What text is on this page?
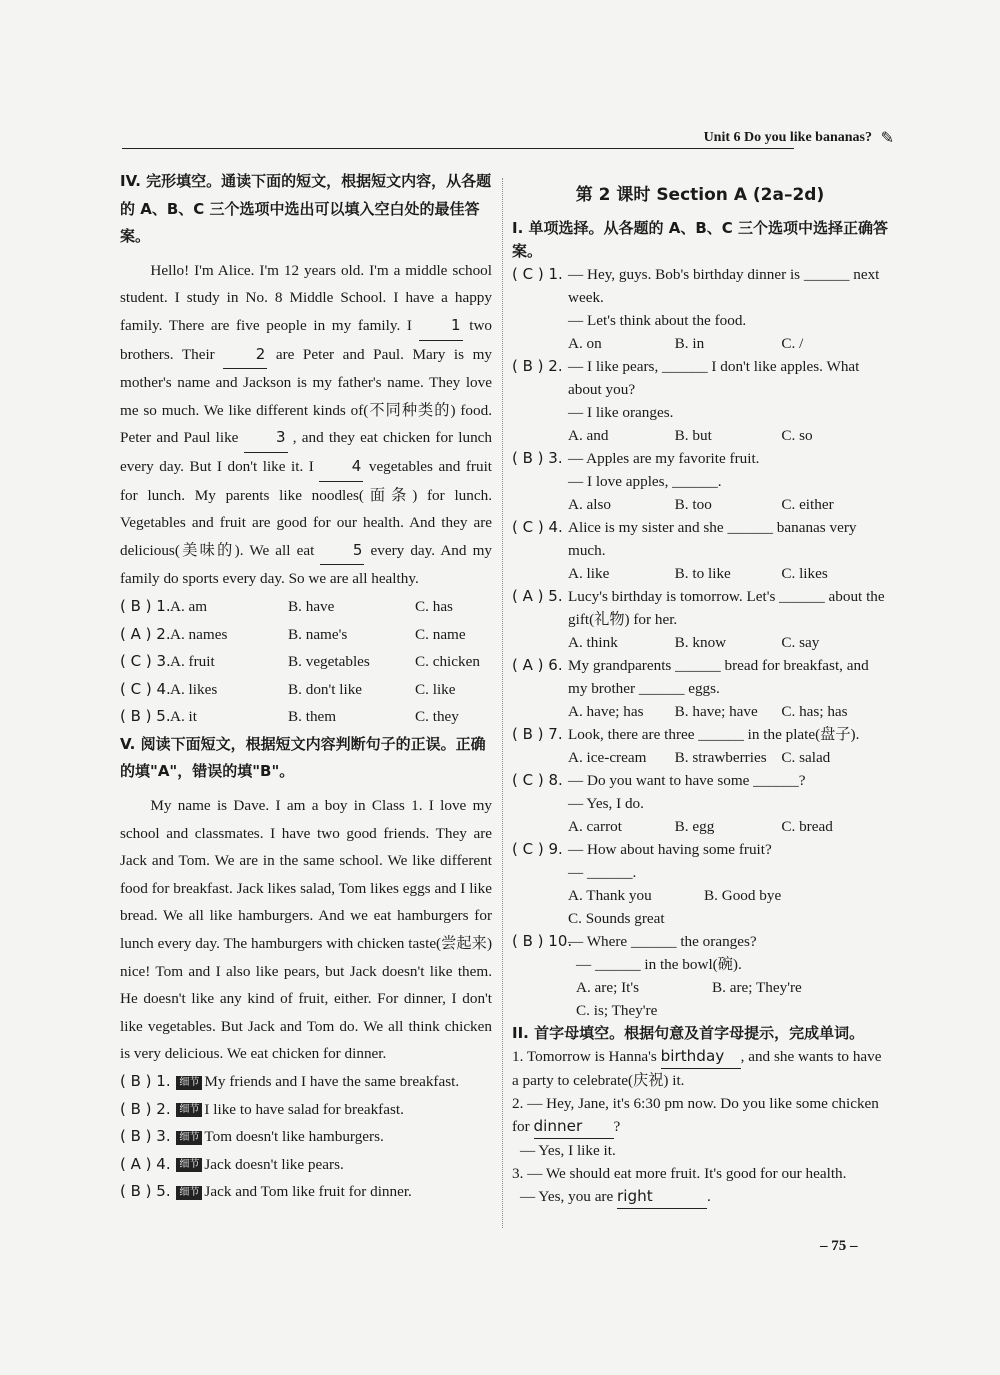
Unit 6 Do you like bananas? ✎
IV. 完形填空。通读下面的短文，根据短文内容，从各题的 A、B、C 三个选项中选出可以填入空白处的最佳答案。
Hello! I'm Alice. I'm 12 years old. I'm a middle school student. I study in No. 8 Middle School. I have a happy family. There are five people in my family. I	1 two brothers. Their	2 are Peter and Paul. Mary is my mother's name and Jackson is my father's name. They love me so much. We like different kinds of(不同种类的) food. Peter and Paul like	3 , and they eat chicken for lunch every day. But I don't like it. I	4 vegetables and fruit for lunch. My parents like noodles(面条) for lunch. Vegetables and fruit are good for our health. And they are delicious(美味的). We all eat	5 every day. And my family do sports every day. So we are all healthy.
( B ) 1. A. am	B. have	C. has
( A ) 2. A. names	B. name's	C. name
( C ) 3. A. fruit	B. vegetables	C. chicken
( C ) 4. A. likes	B. don't like	C. like
( B ) 5. A. it	B. them	C. they
V. 阅读下面短文，根据短文内容判断句子的正误。正确的填"A"，错误的填"B"。
My name is Dave. I am a boy in Class 1. I love my school and classmates. I have two good friends. They are Jack and Tom. We are in the same school. We like different food for breakfast. Jack likes salad, Tom likes eggs and I like bread. We all like hamburgers. And we eat hamburgers for lunch every day. The hamburgers with chicken taste(尝起来) nice! Tom and I also like pears, but Jack doesn't like them. He doesn't like any kind of fruit, either. For dinner, I don't like vegetables. But Jack and Tom do. We all think chicken is very delicious. We eat chicken for dinner.
( B ) 1. 细节 My friends and I have the same breakfast.
( B ) 2. 细节 I like to have salad for breakfast.
( B ) 3. 细节 Tom doesn't like hamburgers.
( A ) 4. 细节 Jack doesn't like pears.
( B ) 5. 细节 Jack and Tom like fruit for dinner.
第 2 课时 Section A (2a–2d)
I. 单项选择。从各题的 A、B、C 三个选项中选择正确答案。
( C ) 1. — Hey, guys. Bob's birthday dinner is ______ next week.
— Let's think about the food.
A. on	B. in	C. /
( B ) 2. — I like pears, ______ I don't like apples. What about you?
— I like oranges.
A. and	B. but	C. so
( B ) 3. — Apples are my favorite fruit.
— I love apples, ______.
A. also	B. too	C. either
( C ) 4. Alice is my sister and she ______ bananas very much.
A. like	B. to like	C. likes
( A ) 5. Lucy's birthday is tomorrow. Let's ______ about the gift(礼物) for her.
A. think	B. know	C. say
( A ) 6. My grandparents ______ bread for breakfast, and my brother ______ eggs.
A. have; has	B. have; have	C. has; has
( B ) 7. Look, there are three ______ in the plate(盘子).
A. ice-cream	B. strawberries C. salad
( C ) 8. — Do you want to have some ______?
— Yes, I do.
A. carrot	B. egg	C. bread
( C ) 9. — How about having some fruit?
— ______.
A. Thank you	B. Good bye
C. Sounds great
( B ) 10.
— Where ______ the oranges?
— ______ in the bowl(碗).
A. are; It's	B. are; They're
C. is; They're
II. 首字母填空。根据句意及首字母提示，完成单词。
1. Tomorrow is Hanna's birthday , and she wants to have a party to celebrate(庆祝) it.
2. — Hey, Jane, it's 6:30 pm now. Do you like some chicken for dinner ?
— Yes, I like it.
3. — We should eat more fruit. It's good for our health.
— Yes, you are right	.
– 75 –
